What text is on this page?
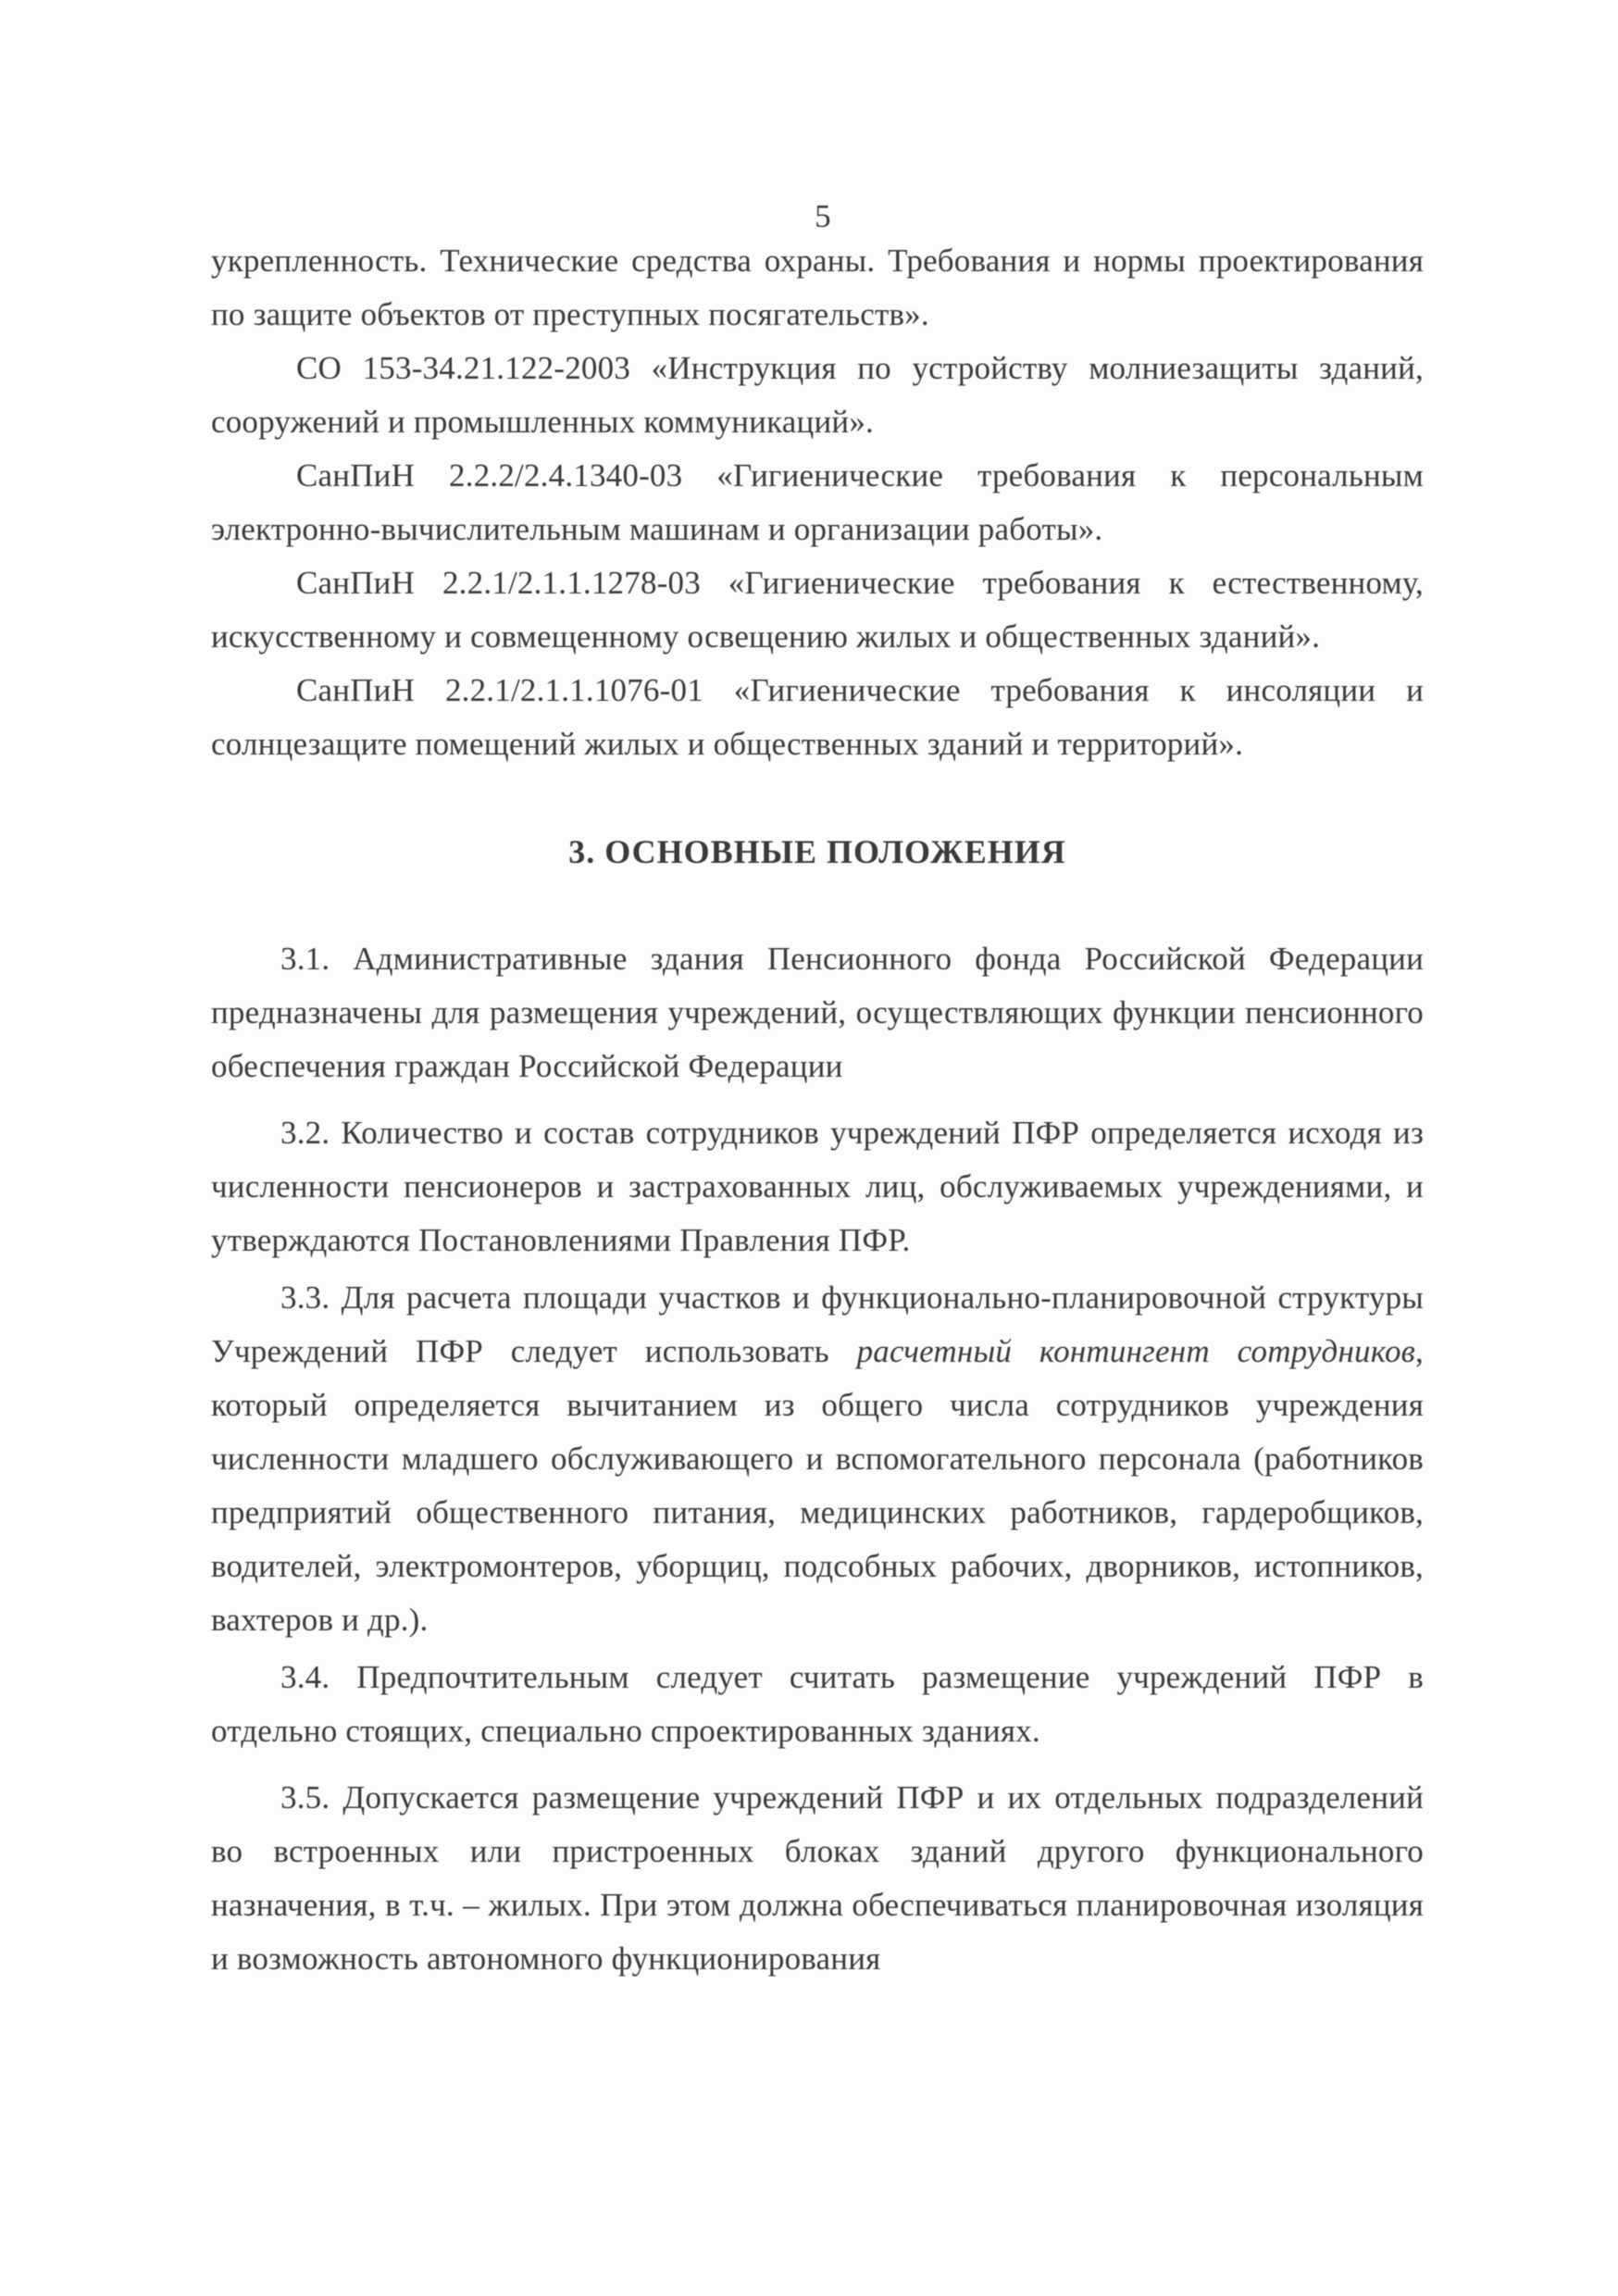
5

укрепленность. Технические средства охраны. Требования и нормы проектирования по защите объектов от преступных посягательств».

СО 153-34.21.122-2003 «Инструкция по устройству молниезащиты зданий, сооружений и промышленных коммуникаций».

СанПиН 2.2.2/2.4.1340-03 «Гигиенические требования к персональным электронно-вычислительным машинам и организации работы».

СанПиН 2.2.1/2.1.1.1278-03 «Гигиенические требования к естественному, искусственному и совмещенному освещению жилых и общественных зданий».

СанПиН 2.2.1/2.1.1.1076-01 «Гигиенические требования к инсоляции и солнцезащите помещений жилых и общественных зданий и территорий».

3. ОСНОВНЫЕ ПОЛОЖЕНИЯ

3.1. Административные здания Пенсионного фонда Российской Федерации предназначены для размещения учреждений, осуществляющих функции пенсионного обеспечения граждан Российской Федерации

3.2. Количество и состав сотрудников учреждений ПФР определяется исходя из численности пенсионеров и застрахованных лиц, обслуживаемых учреждениями, и утверждаются Постановлениями Правления ПФР.

3.3. Для расчета площади участков и функционально-планировочной структуры Учреждений ПФР следует использовать расчетный контингент сотрудников, который определяется вычитанием из общего числа сотрудников учреждения численности младшего обслуживающего и вспомогательного персонала (работников предприятий общественного питания, медицинских работников, гардеробщиков, водителей, электромонтеров, уборщиц, подсобных рабочих, дворников, истопников, вахтеров и др.).

3.4. Предпочтительным следует считать размещение учреждений ПФР в отдельно стоящих, специально спроектированных зданиях.

3.5. Допускается размещение учреждений ПФР и их отдельных подразделений во встроенных или пристроенных блоках зданий другого функционального назначения, в т.ч. – жилых. При этом должна обеспечиваться планировочная изоляция и возможность автономного функционирования
